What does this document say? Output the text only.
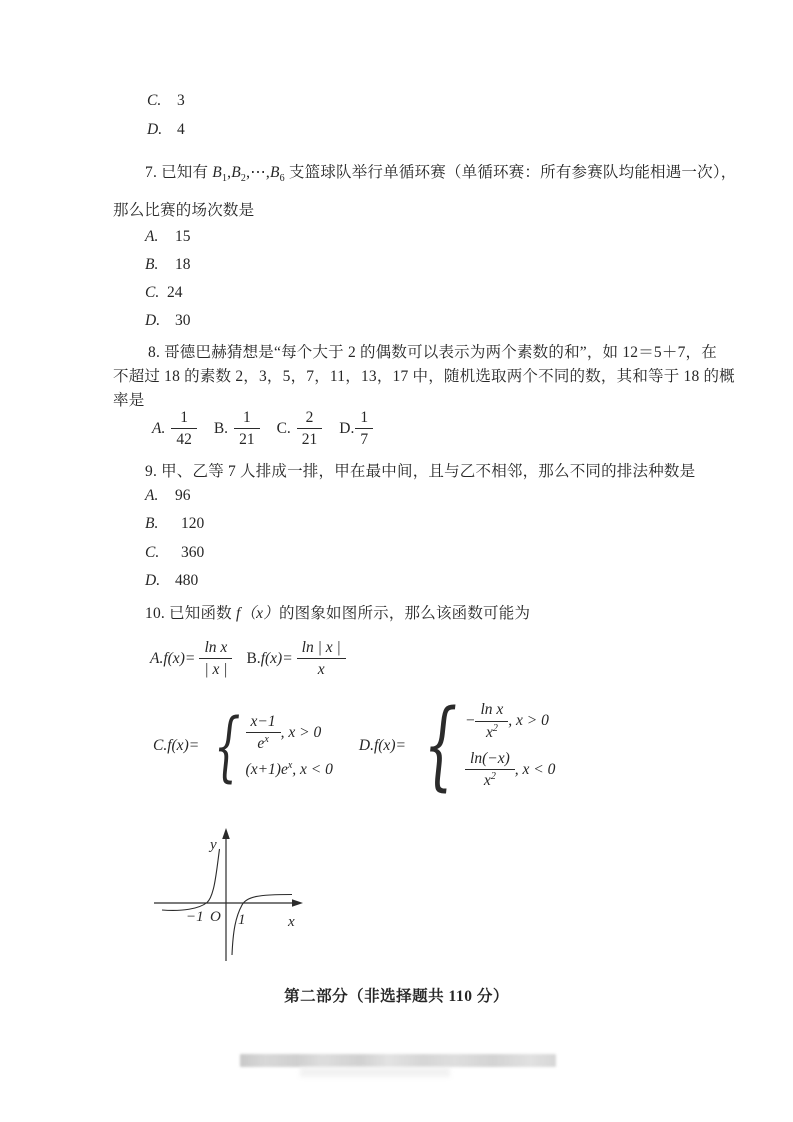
C.	3
D. 4
7. 已知有 $B_1,B_2,\cdots,B_6$ 支篮球队举行单循环赛（单循环赛：所有参赛队均能相遇一次），
那么比赛的场次数是
A.	15
B.	18
C. 24
D. 30
8. 哥德巴赫猜想是“每个大于 2 的偶数可以表示为两个素数的和”，如 12＝5＋7，在
不超过 18 的素数 2，3，5，7，11，13，17 中，随机选取两个不同的数，其和等于 18 的概
率是
A. $\frac{1}{42} B$. $\frac{1}{21} C$. $\frac{2}{21} D$. $\frac{1}{7}$
9. 甲、乙等 7 人排成一排，甲在最中间，且与乙不相邻，那么不同的排法种数是
A.	96
B.	120
C.	360
D. 480
10. 已知函数 f（x）的图象如图所示，那么该函数可能为
A. $f(x)= \frac{\text{ln x}}{| x |} B$. $f(x)= \frac{\ln | x |}{x}$
C. f(x)= { $\frac{x-1}{e^x}$ , x > 0
$(x+1)e^x$ , x < 0
D. f(x)= { − $\frac{\text{ln x}}{x^2}$ , x > 0
$\frac{\ln(-x)}{x^2}$ , x < 0
y
x
−1 O 1
第二部分（非选择题共 110 分）
